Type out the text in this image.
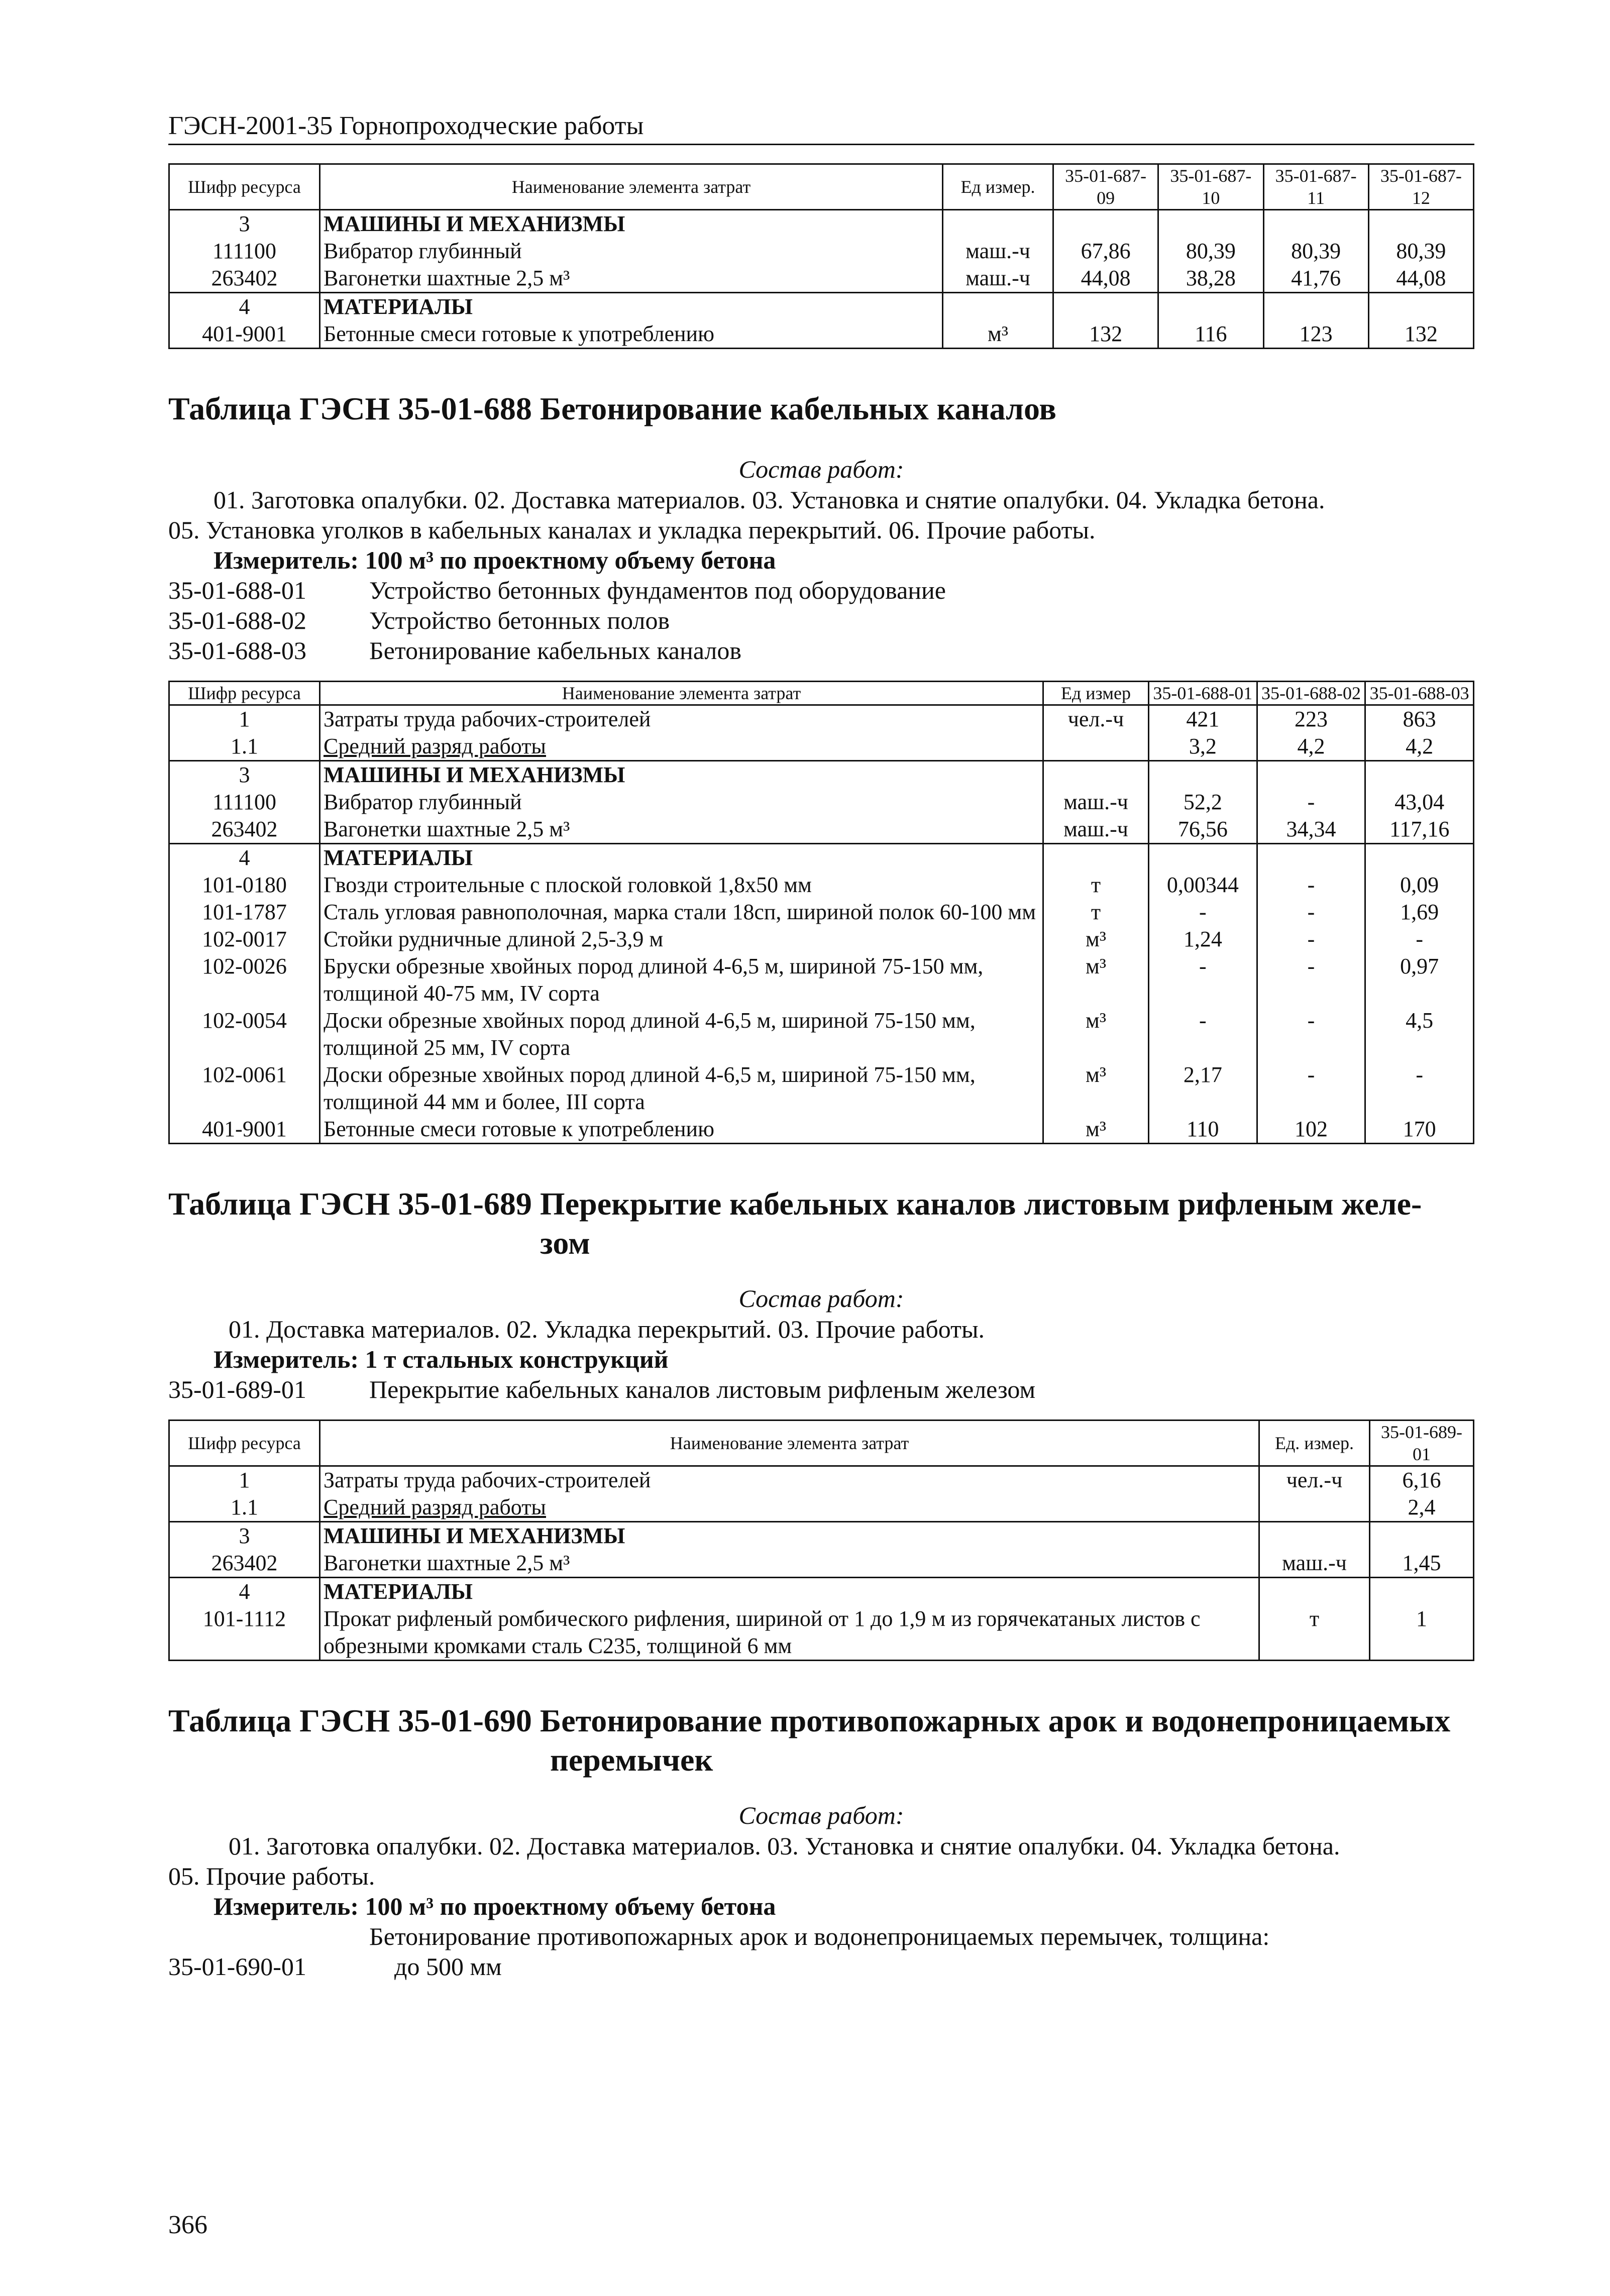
ГЭСН-2001-35 Горнопроходческие работы
Шифр ресурса	Наименование элемента затрат	Ед измер.	35-01-687-09	35-01-687-10	35-01-687-11	35-01-687-12
3	МАШИНЫ И МЕХАНИЗМЫ					
111100	Вибратор глубинный	маш.-ч	67,86	80,39	80,39	80,39
263402	Вагонетки шахтные 2,5 м³	маш.-ч	44,08	38,28	41,76	44,08
4	МАТЕРИАЛЫ					
401-9001	Бетонные смеси готовые к употреблению	м³	132	116	123	132
Таблица ГЭСН 35-01-688 Бетонирование кабельных каналов
Состав работ:
01. Заготовка опалубки. 02. Доставка материалов. 03. Установка и снятие опалубки. 04. Укладка бетона.
05. Установка уголков в кабельных каналах и укладка перекрытий. 06. Прочие работы.
Измеритель: 100 м³ по проектному объему бетона
35-01-688-01	Устройство бетонных фундаментов под оборудование
35-01-688-02	Устройство бетонных полов
35-01-688-03	Бетонирование кабельных каналов
Шифр ресурса	Наименование элемента затрат	Ед измер	35-01-688-01	35-01-688-02	35-01-688-03
1	Затраты труда рабочих-строителей	чел.-ч	421	223	863
1.1	Средний разряд работы		3,2	4,2	4,2
3	МАШИНЫ И МЕХАНИЗМЫ				
111100	Вибратор глубинный	маш.-ч	52,2	-	43,04
263402	Вагонетки шахтные 2,5 м³	маш.-ч	76,56	34,34	117,16
4	МАТЕРИАЛЫ				
101-0180	Гвозди строительные с плоской головкой 1,8x50 мм	т	0,00344	-	0,09
101-1787	Сталь угловая равнополочная, марка стали 18сп, шириной полок 60-100 мм	т	-	-	1,69
102-0017	Стойки рудничные длиной 2,5-3,9 м	м³	1,24	-	-
102-0026	Бруски обрезные хвойных пород длиной 4-6,5 м, шириной 75-150 мм, толщиной 40-75 мм, IV сорта	м³	-	-	0,97
102-0054	Доски обрезные хвойных пород длиной 4-6,5 м, шириной 75-150 мм, толщиной 25 мм, IV сорта	м³	-	-	4,5
102-0061	Доски обрезные хвойных пород длиной 4-6,5 м, шириной 75-150 мм, толщиной 44 мм и более, III сорта	м³	2,17	-	-
401-9001	Бетонные смеси готовые к употреблению	м³	110	102	170
Таблица ГЭСН 35-01-689 Перекрытие кабельных каналов листовым рифленым желе-
зом
Состав работ:
01. Доставка материалов. 02. Укладка перекрытий. 03. Прочие работы.
Измеритель: 1 т стальных конструкций
35-01-689-01	Перекрытие кабельных каналов листовым рифленым железом
Шифр ресурса	Наименование элемента затрат	Ед. измер.	35-01-689-01
1	Затраты труда рабочих-строителей	чел.-ч	6,16
1.1	Средний разряд работы		2,4
3	МАШИНЫ И МЕХАНИЗМЫ		
263402	Вагонетки шахтные 2,5 м³	маш.-ч	1,45
4	МАТЕРИАЛЫ		
101-1112	Прокат рифленый ромбического рифления, шириной от 1 до 1,9 м из горячекатаных листов с обрезными кромками сталь С235, толщиной 6 мм	т	1
Таблица ГЭСН 35-01-690 Бетонирование противопожарных арок и водонепроницаемых
перемычек
Состав работ:
01. Заготовка опалубки. 02. Доставка материалов. 03. Установка и снятие опалубки. 04. Укладка бетона.
05. Прочие работы.
Измеритель: 100 м³ по проектному объему бетона
Бетонирование противопожарных арок и водонепроницаемых перемычек, толщина:
35-01-690-01	до 500 мм
366
